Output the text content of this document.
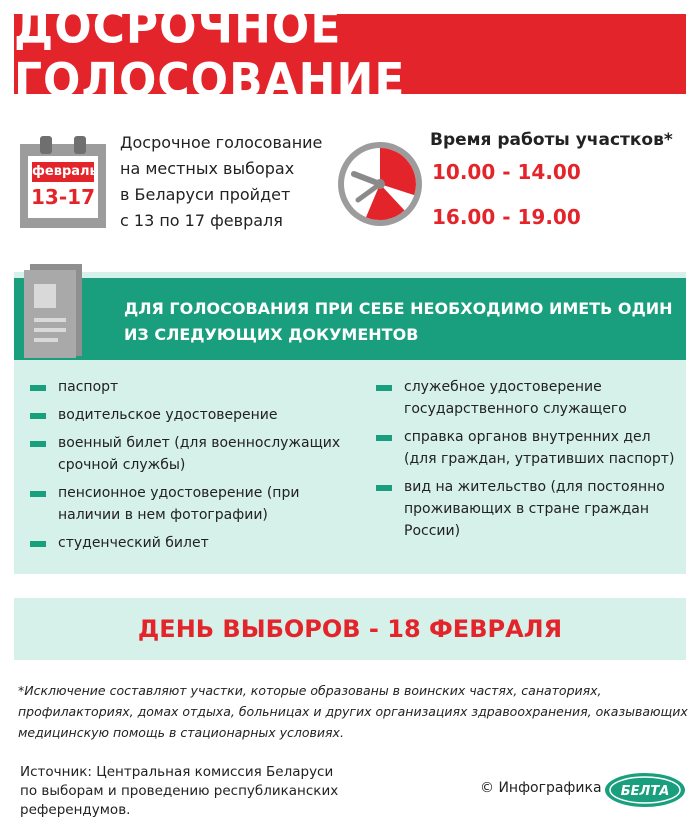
ДОСРОЧНОЕ ГОЛОСОВАНИЕ
февраль
13-17
Досрочное голосование
на местных выборах
в Беларуси пройдет
с 13 по 17 февраля
Время работы участков*
10.00 - 14.00
16.00 - 19.00
ДЛЯ ГОЛОСОВАНИЯ ПРИ СЕБЕ НЕОБХОДИМО ИМЕТЬ ОДИН
ИЗ СЛЕДУЮЩИХ ДОКУМЕНТОВ
паспорт
водительское удостоверение
военный билет (для военнослужащих
срочной службы)
пенсионное удостоверение (при
наличии в нем фотографии)
студенческий билет
служебное удостоверение
государственного служащего
справка органов внутренних дел
(для граждан, утративших паспорт)
вид на жительство (для постоянно
проживающих в стране граждан
России)
ДЕНЬ ВЫБОРОВ - 18 ФЕВРАЛЯ
*Исключение составляют участки, которые образованы в воинских частях, санаториях,
профилакториях, домах отдыха, больницах и других организациях здравоохранения, оказывающих
медицинскую помощь в стационарных условиях.
Источник: Центральная комиссия Беларуси
по выборам и проведению республиканских
референдумов.
© Инфографика БЕЛТА
